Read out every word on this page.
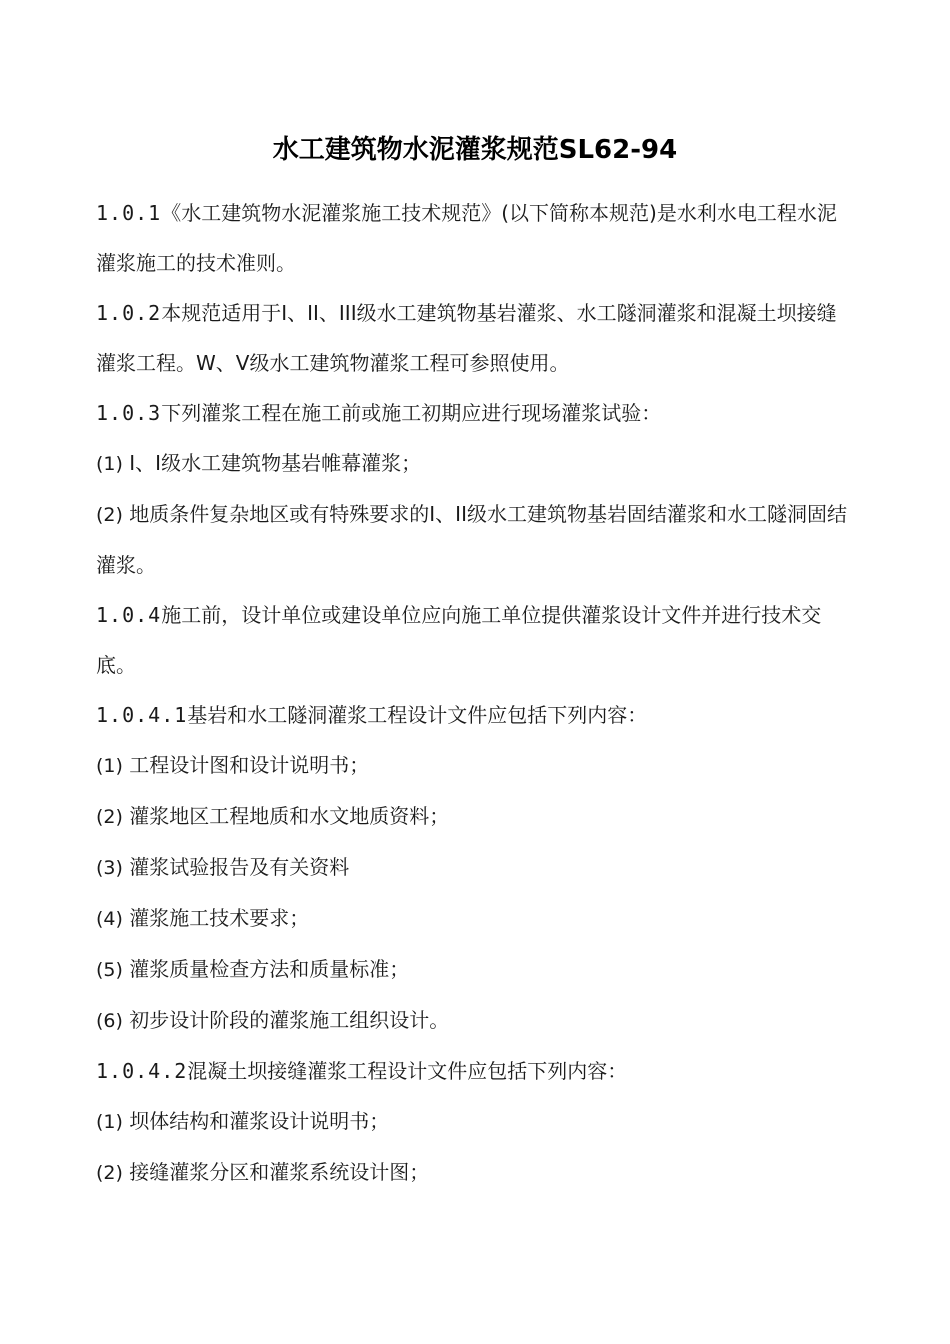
水工建筑物水泥灌浆规范SL62-94

1.0.1《水工建筑物水泥灌浆施工技术规范》(以下简称本规范)是水利水电工程水泥灌浆施工的技术准则。

1.0.2本规范适用于I、II、III级水工建筑物基岩灌浆、水工隧洞灌浆和混凝土坝接缝灌浆工程。W、V级水工建筑物灌浆工程可参照使用。

1.0.3下列灌浆工程在施工前或施工初期应进行现场灌浆试验：

(1) I、I级水工建筑物基岩帷幕灌浆；

(2) 地质条件复杂地区或有特殊要求的I、II级水工建筑物基岩固结灌浆和水工隧洞固结灌浆。

1.0.4施工前，设计单位或建设单位应向施工单位提供灌浆设计文件并进行技术交底。

1.0.4.1基岩和水工隧洞灌浆工程设计文件应包括下列内容：

(1) 工程设计图和设计说明书；

(2) 灌浆地区工程地质和水文地质资料；

(3) 灌浆试验报告及有关资料

(4) 灌浆施工技术要求；

(5) 灌浆质量检查方法和质量标准；

(6) 初步设计阶段的灌浆施工组织设计。

1.0.4.2混凝土坝接缝灌浆工程设计文件应包括下列内容：

(1) 坝体结构和灌浆设计说明书；

(2) 接缝灌浆分区和灌浆系统设计图；
